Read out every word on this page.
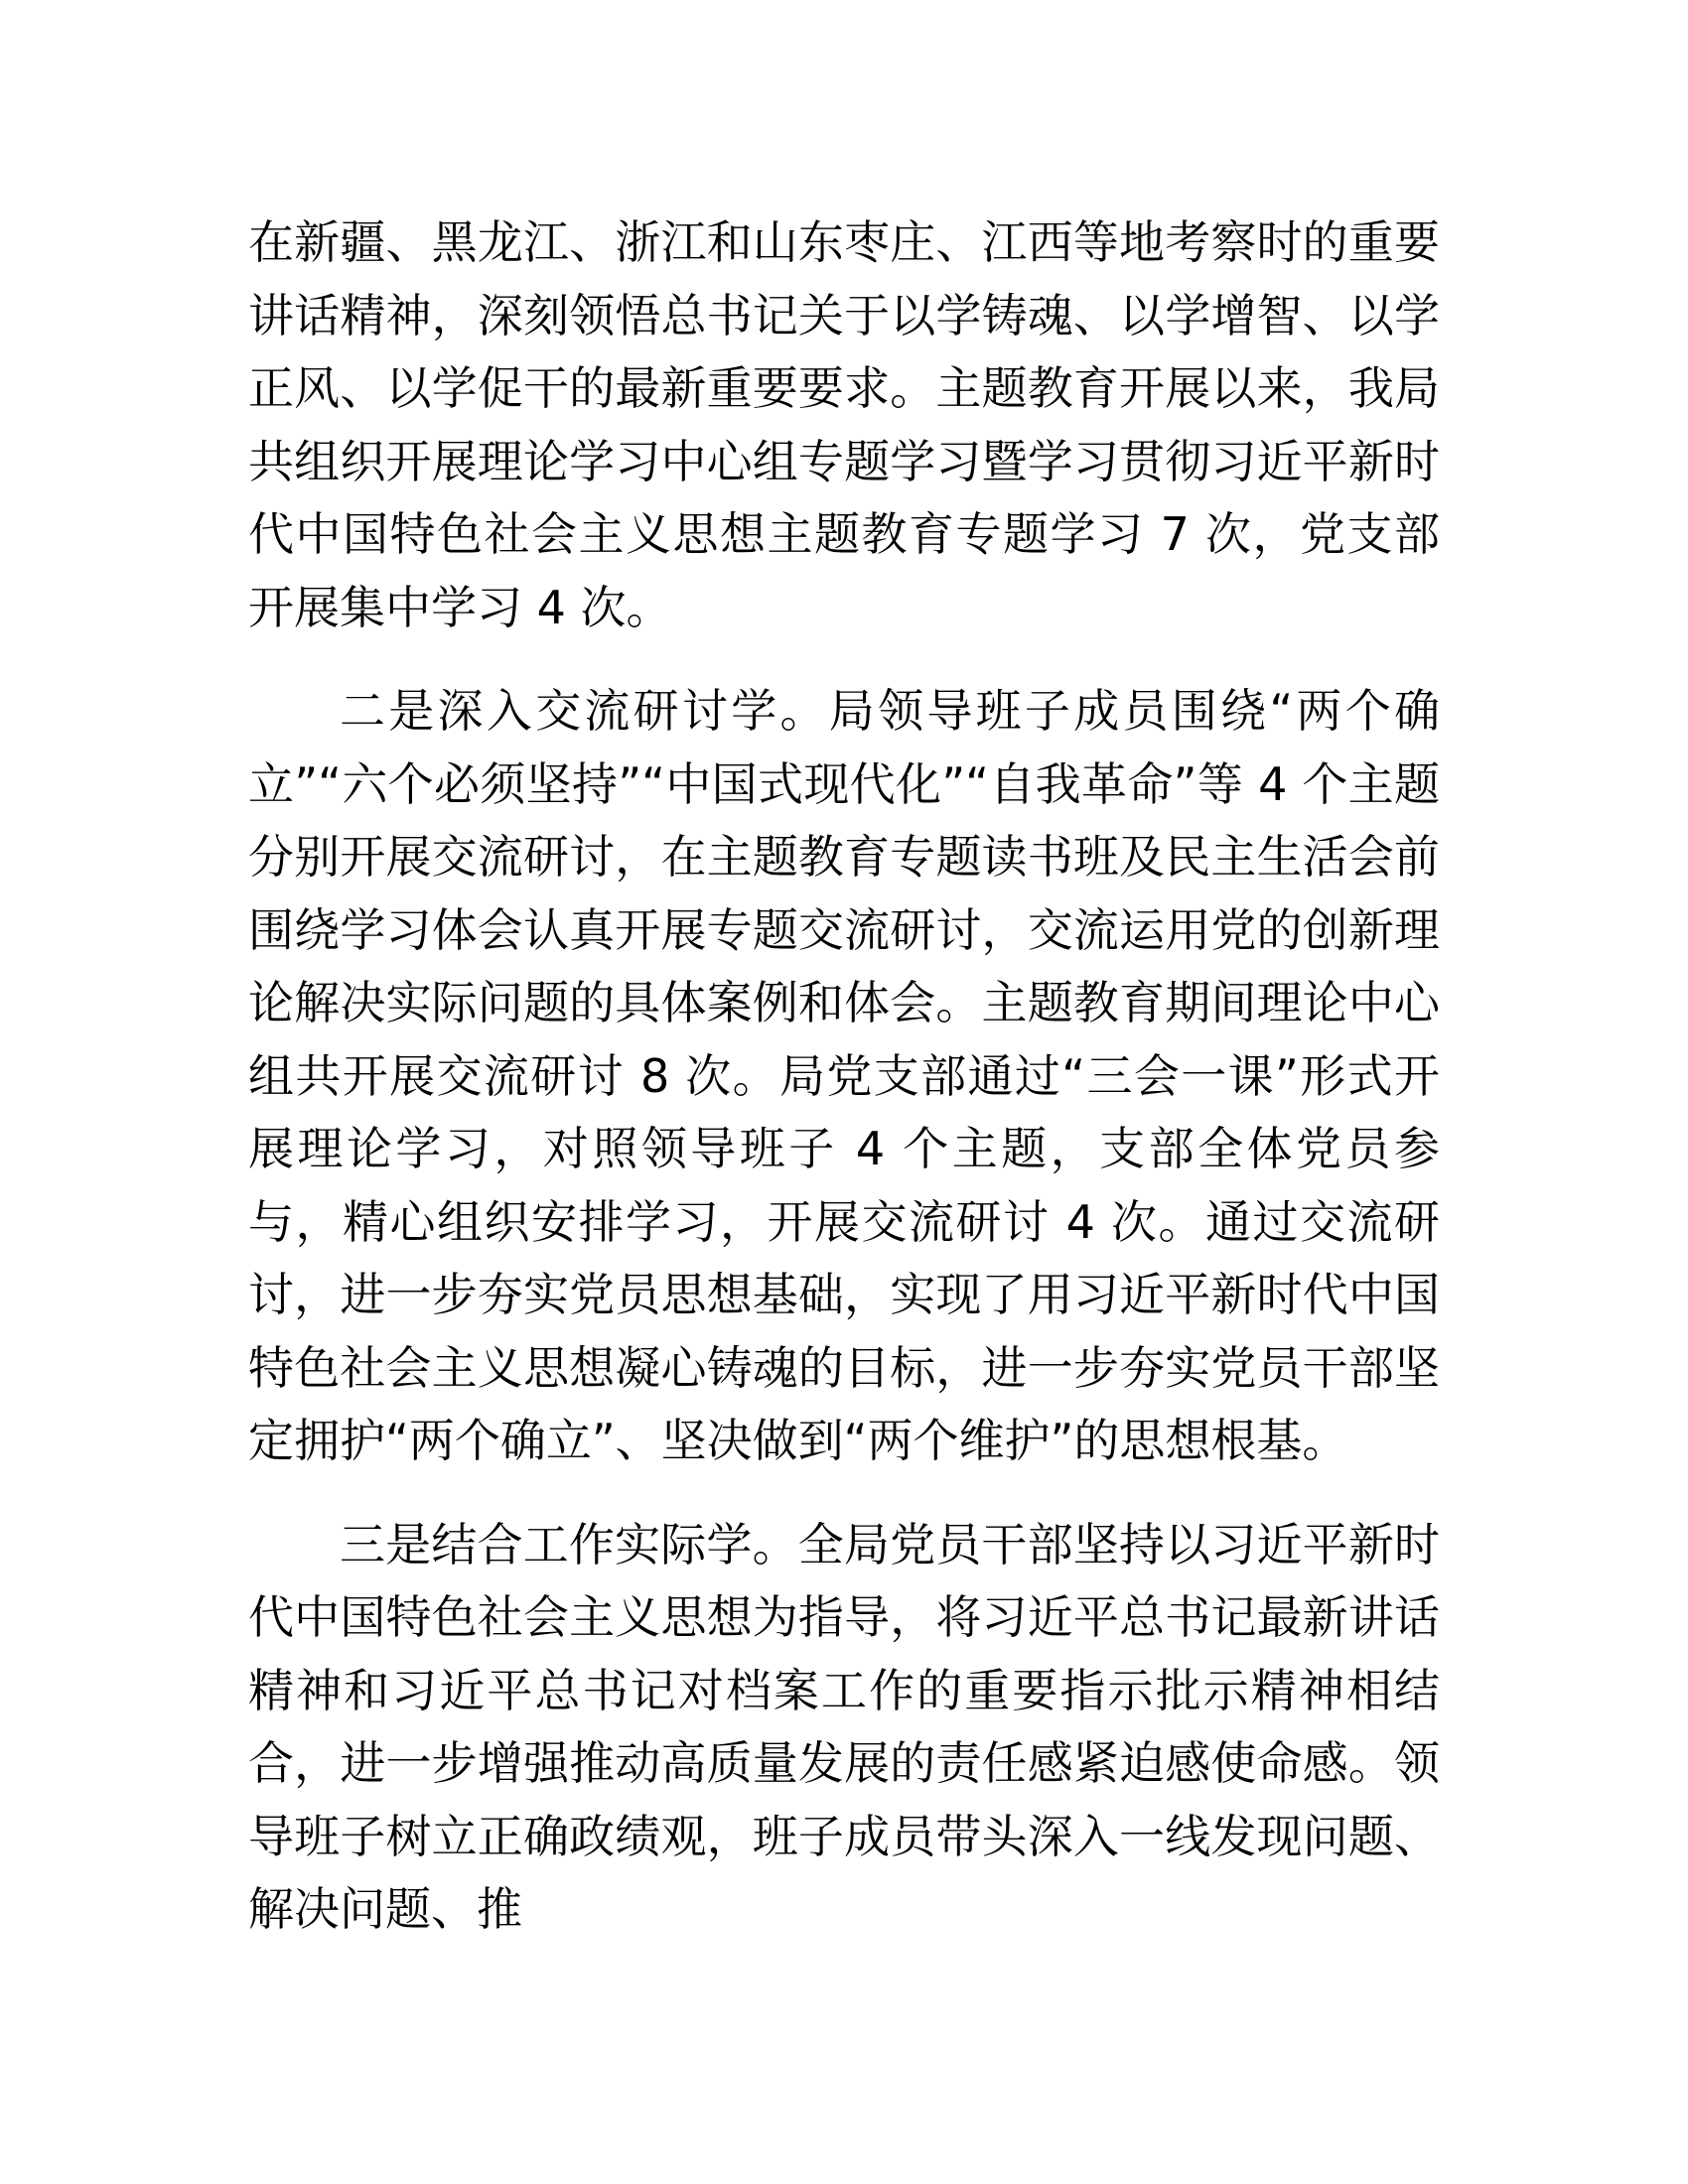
在新疆、黑龙江、浙江和山东枣庄、江西等地考察时的重要讲话精神，深刻领悟总书记关于以学铸魂、以学增智、以学正风、以学促干的最新重要要求。主题教育开展以来，我局共组织开展理论学习中心组专题学习暨学习贯彻习近平新时代中国特色社会主义思想主题教育专题学习 7 次，党支部开展集中学习 4 次。

二是深入交流研讨学。局领导班子成员围绕“两个确立”“六个必须坚持”“中国式现代化”“自我革命”等 4 个主题分别开展交流研讨，在主题教育专题读书班及民主生活会前围绕学习体会认真开展专题交流研讨，交流运用党的创新理论解决实际问题的具体案例和体会。主题教育期间理论中心组共开展交流研讨 8 次。局党支部通过“三会一课”形式开展理论学习，对照领导班子 4 个主题，支部全体党员参与，精心组织安排学习，开展交流研讨 4 次。通过交流研讨，进一步夯实党员思想基础，实现了用习近平新时代中国特色社会主义思想凝心铸魂的目标，进一步夯实党员干部坚定拥护“两个确立”、坚决做到“两个维护”的思想根基。

三是结合工作实际学。全局党员干部坚持以习近平新时代中国特色社会主义思想为指导，将习近平总书记最新讲话精神和习近平总书记对档案工作的重要指示批示精神相结合，进一步增强推动高质量发展的责任感紧迫感使命感。领导班子树立正确政绩观，班子成员带头深入一线发现问题、解决问题、推
